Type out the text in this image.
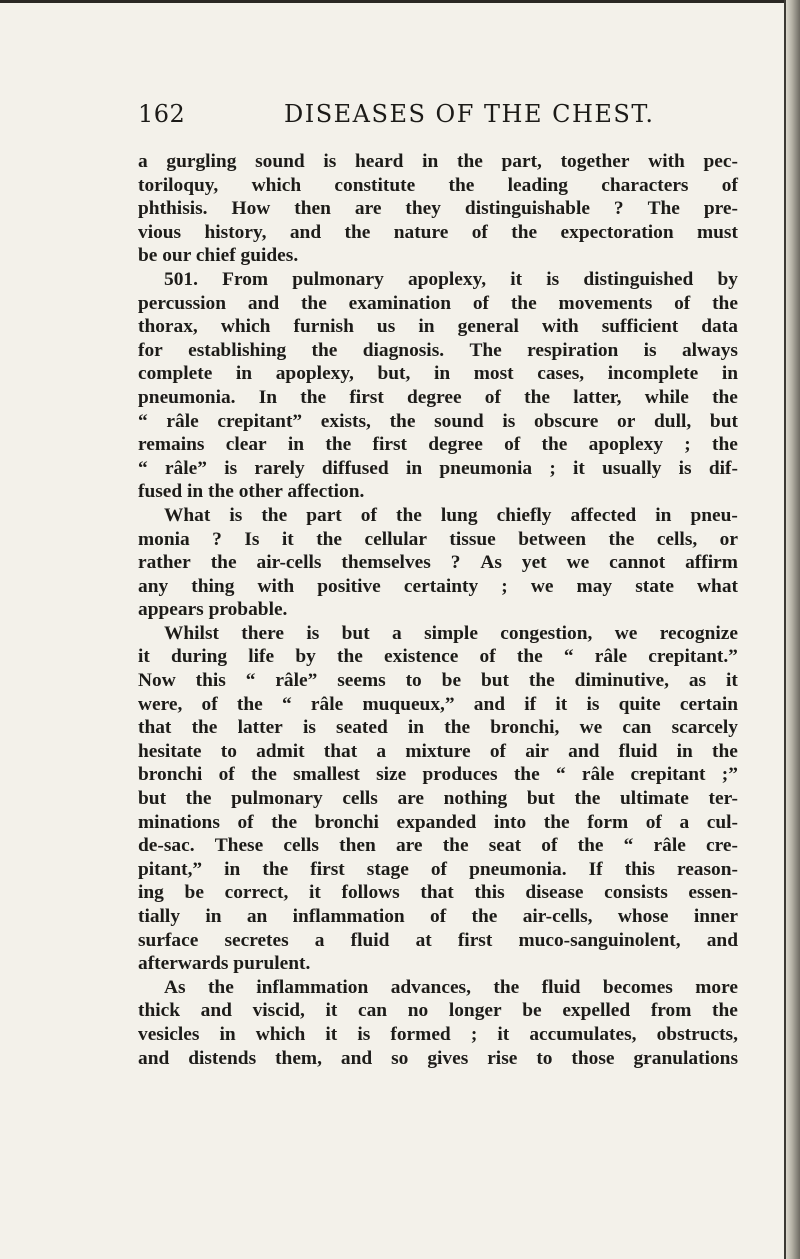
162	DISEASES OF THE CHEST.
a gurgling sound is heard in the part, together with pec-
toriloquy, which constitute the leading characters of
phthisis. How then are they distinguishable ? The pre-
vious history, and the nature of the expectoration must
be our chief guides.
501. From pulmonary apoplexy, it is distinguished by
percussion and the examination of the movements of the
thorax, which furnish us in general with sufficient data
for establishing the diagnosis. The respiration is always
complete in apoplexy, but, in most cases, incomplete in
pneumonia. In the first degree of the latter, while the
“ râle crepitant” exists, the sound is obscure or dull, but
remains clear in the first degree of the apoplexy ; the
“ râle” is rarely diffused in pneumonia ; it usually is dif-
fused in the other affection.
What is the part of the lung chiefly affected in pneu-
monia ? Is it the cellular tissue between the cells, or
rather the air-cells themselves ? As yet we cannot affirm
any thing with positive certainty ; we may state what
appears probable.
Whilst there is but a simple congestion, we recognize
it during life by the existence of the “ râle crepitant.”
Now this “ râle” seems to be but the diminutive, as it
were, of the “ râle muqueux,” and if it is quite certain
that the latter is seated in the bronchi, we can scarcely
hesitate to admit that a mixture of air and fluid in the
bronchi of the smallest size produces the “ râle crepitant ;”
but the pulmonary cells are nothing but the ultimate ter-
minations of the bronchi expanded into the form of a cul-
de-sac. These cells then are the seat of the “ râle cre-
pitant,” in the first stage of pneumonia. If this reason-
ing be correct, it follows that this disease consists essen-
tially in an inflammation of the air-cells, whose inner
surface secretes a fluid at first muco-sanguinolent, and
afterwards purulent.
As the inflammation advances, the fluid becomes more
thick and viscid, it can no longer be expelled from the
vesicles in which it is formed ; it accumulates, obstructs,
and distends them, and so gives rise to those granulations
